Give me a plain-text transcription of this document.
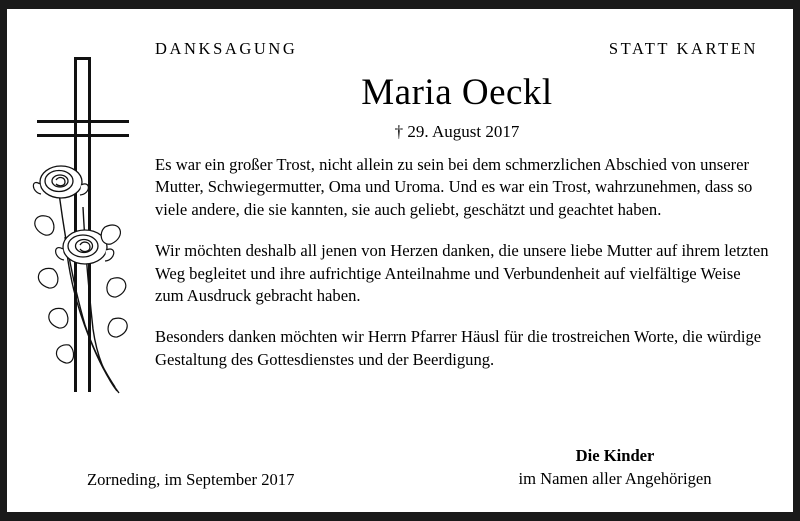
DANKSAGUNG	STATT KARTEN
Maria Oeckl
† 29. August 2017

Es war ein großer Trost, nicht allein zu sein bei dem schmerzlichen Abschied von unserer Mutter, Schwiegermutter, Oma und Uroma. Und es war ein Trost, wahrzunehmen, dass so viele andere, die sie kannten, sie auch geliebt, geschätzt und geachtet haben.

Wir möchten deshalb all jenen von Herzen danken, die unsere liebe Mutter auf ihrem letzten Weg begleitet und ihre aufrichtige Anteilnahme und Verbundenheit auf vielfältige Weise zum Ausdruck gebracht haben.

Besonders danken möchten wir Herrn Pfarrer Häusl für die trostreichen Worte, die würdige Gestaltung des Gottesdienstes und der Beerdigung.

Zorneding, im September 2017
Die Kinder
im Namen aller Angehörigen
